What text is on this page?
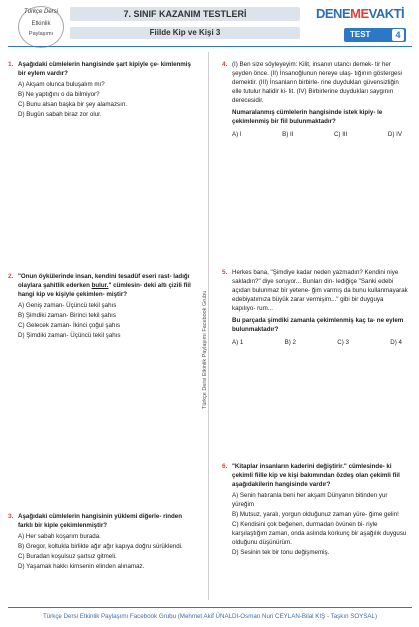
Türkçe Dersi
Etkinlik
Paylaşımı
7. SINIF KAZANIM TESTLERİ
Fiilde Kip ve Kişi 3
DENEMEVAKTİ
TEST	4
Türkçe Dersi Etkinlik Paylaşımı Facebook Grubu
1. Aşağıdaki cümlelerin hangisinde şart kipiyle çe- kimlenmiş bir eylem vardır?
A) Akşam olunca buluşalım mı?
B) Ne yaptığını o da bilmiyor?
C) Bunu alsan başka bir şey alamazsın.
D) Bugün sabah biraz zor olur.
2. "Onun öykülerinde insan, kendini tesadüf eseri rast- ladığı olaylara şahitlik ederken bulur." cümlesin- deki altı çizili fiil hangi kip ve kişiyle çekimlen- miştir?
A) Geniş zaman- Üçüncü tekil şahıs
B) Şimdiki zaman- Birinci tekil şahıs
C) Gelecek zaman- İkinci çoğul şahıs
D) Şimdiki zaman- Üçüncü tekil şahıs
3. Aşağıdaki cümlelerin hangisinin yüklemi diğerle- rinden farklı bir kiple çekimlenmiştir?
A) Her sabah koşarım burada.
B) Gregor, koltukla birlikte ağır ağır kapıya doğru sürüklendi.
C) Buradan koşulsuz şartsız gitmeli.
D) Yaşamak hakkı kimsenin elinden alınamaz.
4. (I) Ben size söyleyeyim: Kilit, insanın utancı demek- tir her şeyden önce. (II) İnsanoğlunun nereye ulaş- tığının göstergesi demektir. (III) İnsanların birbirle- rine duydukları güvensizliğin elle tutulur halidir ki- lit. (IV) Birbirlerine duydukları saygının derecesidir.
Numaralanmış cümlelerin hangisinde istek kipiy- le çekimlenmiş bir fiil bulunmaktadır?
A) I	B) II	C) III	D) IV
5. Herkes bana, "Şimdiye kadar neden yazmadın? Kendini niye sakladın?" diye soruyor... Bunları din- lediğiçe "Sanki edebi açıdan bulunmaz bir yetene- ğim varmış da bunu kullanmayarak edebiyatımıza büyük zarar vermişim..." gibi bir duyguya kapılıyo- rum...
Bu parçada şimdiki zamanla çekimlenmiş kaç ta- ne eylem bulunmaktadır?
A) 1	B) 2	C) 3	D) 4
6. "Kitaplar insanların kaderini değiştirir." cümlesinde- ki çekimli fiille kip ve kişi bakımından özdeş olan çekimli fiil aşağıdakilerin hangisinde vardır?
A) Senin hatıranla beni her akşam Dünyanın bitinden yur yüreğim
B) Mutsuz, yaralı, yorgun olduğunuz zaman yüre- ğime gelin!
C) Kendisini çok beğenen, durmadan övünen bi- riyle karşılaştığım zaman, onda aslında korkunç bir aşağılık duygusu olduğunu düşünürüm.
D) Sesinin tek bir tonu değişmemiş.
Türkçe Dersi Etkinlik Paylaşımı Facebook Grubu (Mehmet Akif ÜNALDI-Osman Nuri CEYLAN-Bilal KIŞ - Taşkın SOYSAL)
